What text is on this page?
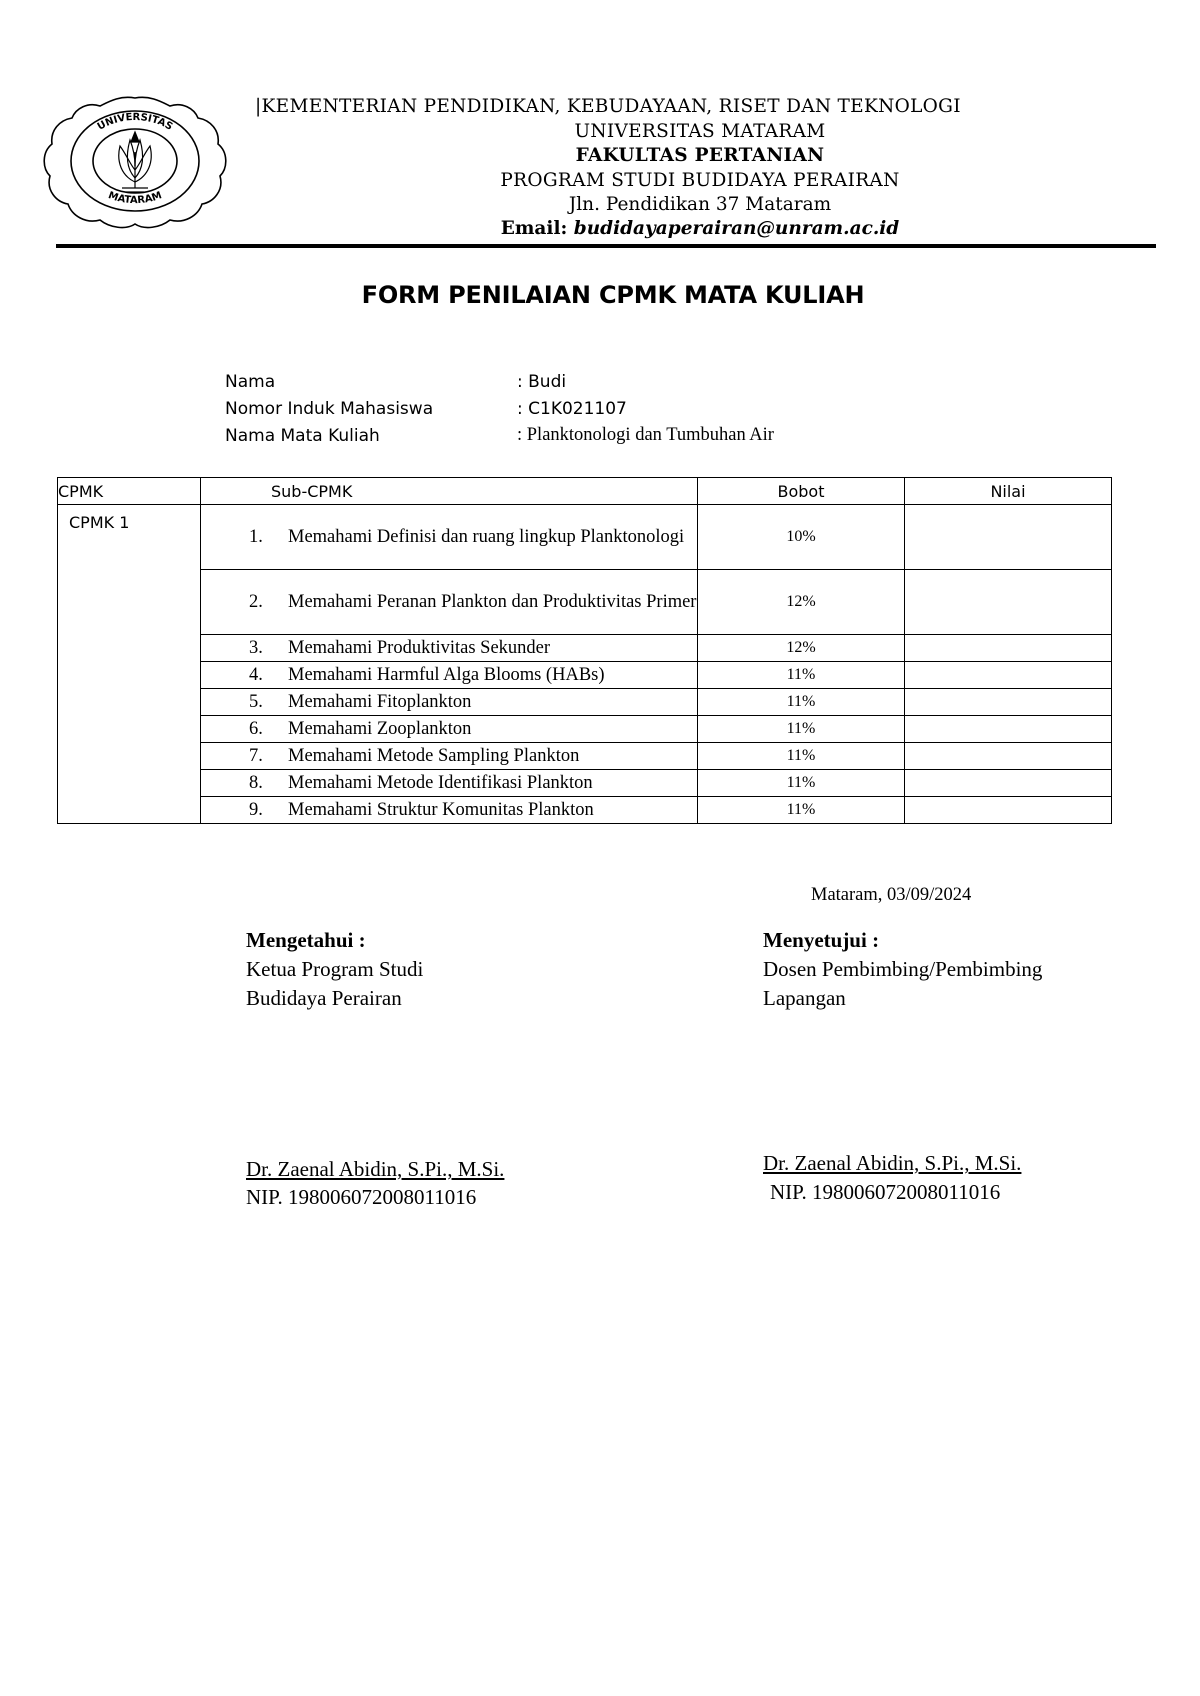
UNIVERSITAS
MATARAM
|KEMENTERIAN PENDIDIKAN, KEBUDAYAAN, RISET DAN TEKNOLOGI
UNIVERSITAS MATARAM
FAKULTAS PERTANIAN
PROGRAM STUDI BUDIDAYA PERAIRAN
Jln. Pendidikan 37 Mataram
Email: budidayaperairan@unram.ac.id
FORM PENILAIAN CPMK MATA KULIAH
Nama	: Budi
Nomor Induk Mahasiswa	: C1K021107
Nama Mata Kuliah	: Planktonologi dan Tumbuhan Air
CPMK	Sub-CPMK	Bobot	Nilai
CPMK 1	1. Memahami Definisi dan ruang lingkup Planktonologi	10%	

	2. Memahami Peranan Plankton dan Produktivitas Primer	12%	

	3. Memahami Produktivitas Sekunder	12%	

	4. Memahami Harmful Alga Blooms (HABs)	11%	

	5. Memahami Fitoplankton	11%	

	6. Memahami Zooplankton	11%	

	7. Memahami Metode Sampling Plankton	11%	

	8. Memahami Metode Identifikasi Plankton	11%	

	9. Memahami Struktur Komunitas Plankton	11%	
Mataram, 03/09/2024
Mengetahui :
Ketua Program Studi
Budidaya Perairan
Dr. Zaenal Abidin, S.Pi., M.Si.
NIP. 198006072008011016
Menyetujui :
Dosen Pembimbing/Pembimbing
Lapangan
Dr. Zaenal Abidin, S.Pi., M.Si.
NIP. 198006072008011016
